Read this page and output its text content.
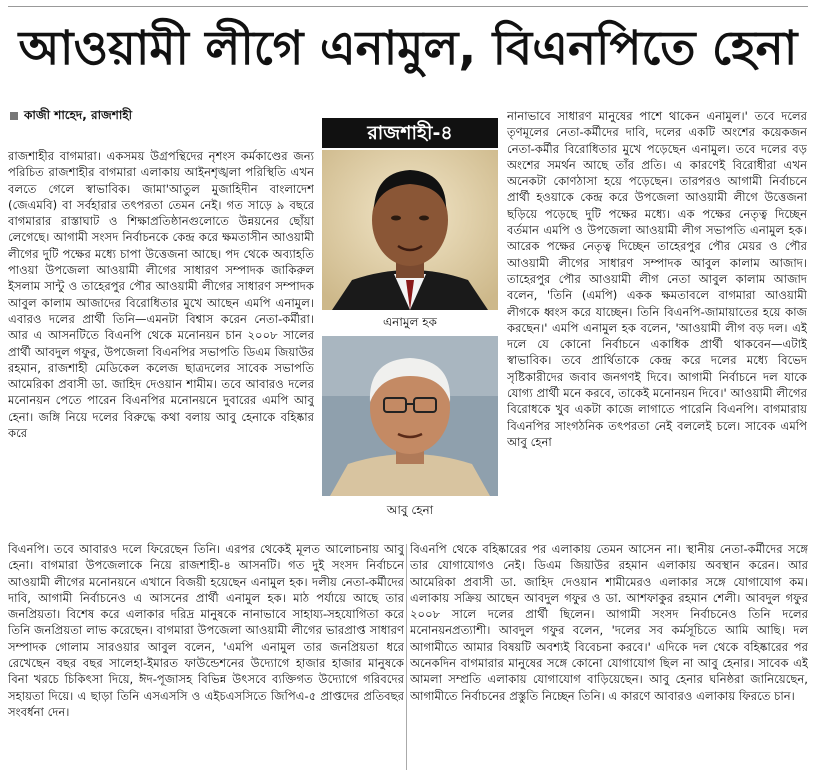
আওয়ামী লীগে এনামুল, বিএনপিতে হেনা
কাজী শাহেদ, রাজশাহী

রাজশাহীর বাগমারা। একসময় উগ্রপন্থিদের নৃশংস কর্মকাণ্ডের জন্য পরিচিত রাজশাহীর বাগমারা এলাকায় আইনশৃঙ্খলা পরিস্থিতি এখন বলতে গেলে স্বাভাবিক। জামা'আতুল মুজাহিদীন বাংলাদেশ (জেএমবি) বা সর্বহারার তৎপরতা তেমন নেই। গত সাড়ে ৯ বছরে বাগমারার রাস্তাঘাট ও শিক্ষাপ্রতিষ্ঠানগুলোতে উন্নয়নের ছোঁয়া লেগেছে। আগামী সংসদ নির্বাচনকে কেন্দ্র করে ক্ষমতাসীন আওয়ামী লীগের দুটি পক্ষের মধ্যে চাপা উত্তেজনা আছে। পদ থেকে অব্যাহতি পাওয়া উপজেলা আওয়ামী লীগের সাধারণ সম্পাদক জাকিরুল ইসলাম সান্টু ও তাহেরপুর পৌর আওয়ামী লীগের সাধারণ সম্পাদক আবুল কালাম আজাদের বিরোধিতার মুখে আছেন এমপি এনামুল। এবারও দলের প্রার্থী তিনি—এমনটা বিশ্বাস করেন নেতা-কর্মীরা। আর এ আসনটিতে বিএনপি থেকে মনোনয়ন চান ২০০৮ সালের প্রার্থী আবদুল গফুর, উপজেলা বিএনপির সভাপতি ডিএম জিয়াউর রহমান, রাজশাহী মেডিকেল কলেজ ছাত্রদলের সাবেক সভাপতি আমেরিকা প্রবাসী ডা. জাহিদ দেওয়ান শামীম। তবে আবারও দলের মনোনয়ন পেতে পারেন বিএনপির মনোনয়নে দুবারের এমপি আবু হেনা। জঙ্গি নিয়ে দলের বিরুদ্ধে কথা বলায় আবু হেনাকে বহিষ্কার করে

রাজশাহী-৪
এনামুল হক
আবু হেনা

নানাভাবে সাধারণ মানুষের পাশে থাকেন এনামুল।' তবে দলের তৃণমূলের নেতা-কর্মীদের দাবি, দলের একটি অংশের কয়েকজন নেতা-কর্মীর বিরোধিতার মুখে পড়েছেন এনামুল। তবে দলের বড় অংশের সমর্থন আছে তাঁর প্রতি। এ কারণেই বিরোধীরা এখন অনেকটা কোণঠাসা হয়ে পড়েছেন। তারপরও আগামী নির্বাচনে প্রার্থী হওয়াকে কেন্দ্র করে উপজেলা আওয়ামী লীগে উত্তেজনা ছড়িয়ে পড়েছে দুটি পক্ষের মধ্যে। এক পক্ষের নেতৃত্ব দিচ্ছেন বর্তমান এমপি ও উপজেলা আওয়ামী লীগ সভাপতি এনামুল হক। আরেক পক্ষের নেতৃত্ব দিচ্ছেন তাহেরপুর পৌর মেয়র ও পৌর আওয়ামী লীগের সাধারণ সম্পাদক আবুল কালাম আজাদ। তাহেরপুর পৌর আওয়ামী লীগ নেতা আবুল কালাম আজাদ বলেন, 'তিনি (এমপি) একক ক্ষমতাবলে বাগমারা আওয়ামী লীগকে ধ্বংস করে যাচ্ছেন। তিনি বিএনপি-জামায়াতের হয়ে কাজ করছেন।' এমপি এনামুল হক বলেন, 'আওয়ামী লীগ বড় দল। এই দলে যে কোনো নির্বাচনে একাধিক প্রার্থী থাকবেন—এটাই স্বাভাবিক। তবে প্রার্থিতাকে কেন্দ্র করে দলের মধ্যে বিভেদ সৃষ্টিকারীদের জবাব জনগণই দিবে। আগামী নির্বাচনে দল যাকে যোগ্য প্রার্থী মনে করবে, তাকেই মনোনয়ন দিবে।' আওয়ামী লীগের বিরোধকে খুব একটা কাজে লাগাতে পারেনি বিএনপি। বাগমারায় বিএনপির সাংগঠনিক তৎপরতা নেই বললেই চলে। সাবেক এমপি আবু হেনা

বিএনপি। তবে আবারও দলে ফিরেছেন তিনি। এরপর থেকেই মূলত আলোচনায় আবু হেনা। বাগমারা উপজেলাকে নিয়ে রাজশাহী-৪ আসনটি। গত দুই সংসদ নির্বাচনে আওয়ামী লীগের মনোনয়নে এখানে বিজয়ী হয়েছেন এনামুল হক। দলীয় নেতা-কর্মীদের দাবি, আগামী নির্বাচনেও এ আসনের প্রার্থী এনামুল হক। মাঠ পর্যায়ে আছে তার জনপ্রিয়তা। বিশেষ করে এলাকার দরিদ্র মানুষকে নানাভাবে সাহায্য-সহযোগিতা করে তিনি জনপ্রিয়তা লাভ করেছেন। বাগমারা উপজেলা আওয়ামী লীগের ভারপ্রাপ্ত সাধারণ সম্পাদক গোলাম সারওয়ার আবুল বলেন, 'এমপি এনামুল তার জনপ্রিয়তা ধরে রেখেছেন বছর বছর সালেহা-ইমারত ফাউন্ডেশনের উদ্যোগে হাজার হাজার মানুষকে বিনা খরচে চিকিৎসা দিয়ে, ঈদ-পূজাসহ বিভিন্ন উৎসবে ব্যক্তিগত উদ্যোগে গরিবদের সহায়তা দিয়ে। এ ছাড়া তিনি এসএসসি ও এইচএসসিতে জিপিএ-৫ প্রাপ্তদের প্রতিবছর সংবর্ধনা দেন।

বিএনপি থেকে বহিষ্কারের পর এলাকায় তেমন আসেন না। স্থানীয় নেতা-কর্মীদের সঙ্গে তার যোগাযোগও নেই। ডিএম জিয়াউর রহমান এলাকায় অবস্থান করেন। আর আমেরিকা প্রবাসী ডা. জাহিদ দেওয়ান শামীমেরও এলাকার সঙ্গে যোগাযোগ কম। এলাকায় সক্রিয় আছেন আবদুল গফুর ও ডা. আশফাকুর রহমান শেলী। আবদুল গফুর ২০০৮ সালে দলের প্রার্থী ছিলেন। আগামী সংসদ নির্বাচনেও তিনি দলের মনোনয়নপ্রত্যাশী। আবদুল গফুর বলেন, 'দলের সব কর্মসূচিতে আমি আছি। দল আগামীতে আমার বিষয়টি অবশ্যই বিবেচনা করবে।' এদিকে দল থেকে বহিষ্কারের পর অনেকদিন বাগমারার মানুষের সঙ্গে কোনো যোগাযোগ ছিল না আবু হেনার। সাবেক এই আমলা সম্প্রতি এলাকায় যোগাযোগ বাড়িয়েছেন। আবু হেনার ঘনিষ্ঠরা জানিয়েছেন, আগামীতে নির্বাচনের প্রস্তুতি নিচ্ছেন তিনি। এ কারণে আবারও এলাকায় ফিরতে চান।
